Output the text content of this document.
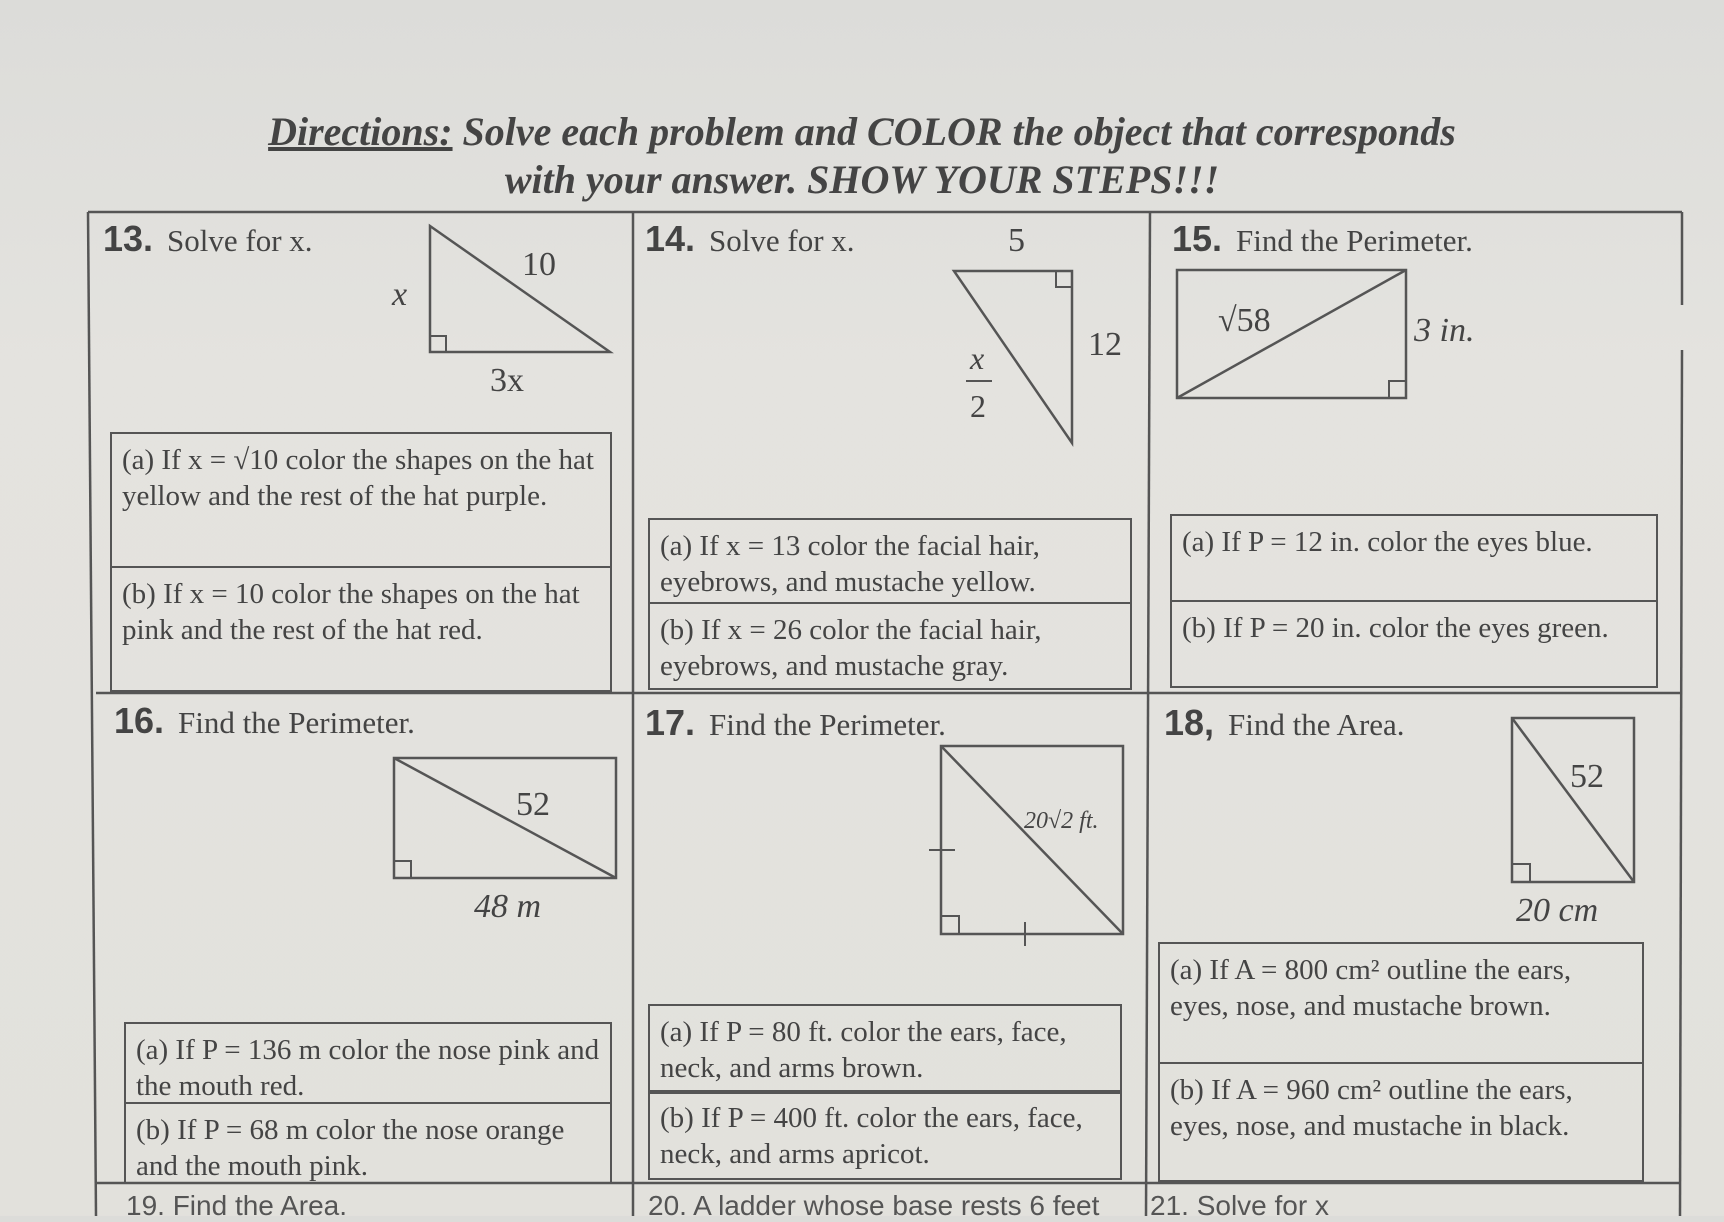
Directions: Solve each problem and COLOR the object that corresponds
with your answer. SHOW YOUR STEPS!!!
13. Solve for x.
10
x
3x
(a) If x = √10 color the shapes on the hat yellow and the rest of the hat purple.
(b) If x = 10 color the shapes on the hat pink and the rest of the hat red.
14. Solve for x.	5
12
x
2
(a) If x = 13 color the facial hair, eyebrows, and mustache yellow.
(b) If x = 26 color the facial hair, eyebrows, and mustache gray.
15. Find the Perimeter.
√58	3 in.
(a) If P = 12 in. color the eyes blue.
(b) If P = 20 in. color the eyes green.
16. Find the Perimeter.
52
48 m
(a) If P = 136 m color the nose pink and the mouth red.
(b) If P = 68 m color the nose orange and the mouth pink.
17. Find the Perimeter.
20√2 ft.
(a) If P = 80 ft. color the ears, face, neck, and arms brown.
(b) If P = 400 ft. color the ears, face, neck, and arms apricot.
18, Find the Area.
52
20 cm
(a) If A = 800 cm² outline the ears, eyes, nose, and mustache brown.
(b) If A = 960 cm² outline the ears, eyes, nose, and mustache in black.
19. Find the Area.	20. A ladder whose base rests 6 feet 21. Solve for x
